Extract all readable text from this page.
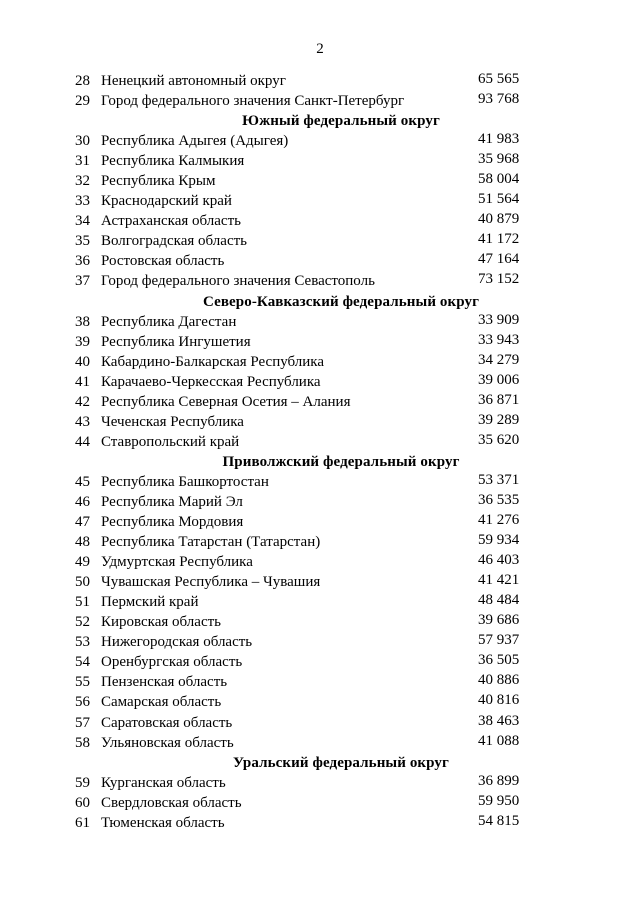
2
28 Ненецкий автономный округ	65 565
29 Город федерального значения Санкт-Петербург	93 768
Южный федеральный округ
30 Республика Адыгея (Адыгея)	41 983
31 Республика Калмыкия	35 968
32 Республика Крым	58 004
33 Краснодарский край	51 564
34 Астраханская область	40 879
35 Волгоградская область	41 172
36 Ростовская область	47 164
37 Город федерального значения Севастополь	73 152
Северо-Кавказский федеральный округ
38 Республика Дагестан	33 909
39 Республика Ингушетия	33 943
40 Кабардино-Балкарская Республика	34 279
41 Карачаево-Черкесская Республика	39 006
42 Республика Северная Осетия – Алания	36 871
43 Чеченская Республика	39 289
44 Ставропольский край	35 620
Приволжский федеральный округ
45 Республика Башкортостан	53 371
46 Республика Марий Эл	36 535
47 Республика Мордовия	41 276
48 Республика Татарстан (Татарстан)	59 934
49 Удмуртская Республика	46 403
50 Чувашская Республика – Чувашия	41 421
51 Пермский край	48 484
52 Кировская область	39 686
53 Нижегородская область	57 937
54 Оренбургская область	36 505
55 Пензенская область	40 886
56 Самарская область	40 816
57 Саратовская область	38 463
58 Ульяновская область	41 088
Уральский федеральный округ
59 Курганская область	36 899
60 Свердловская область	59 950
61 Тюменская область	54 815
